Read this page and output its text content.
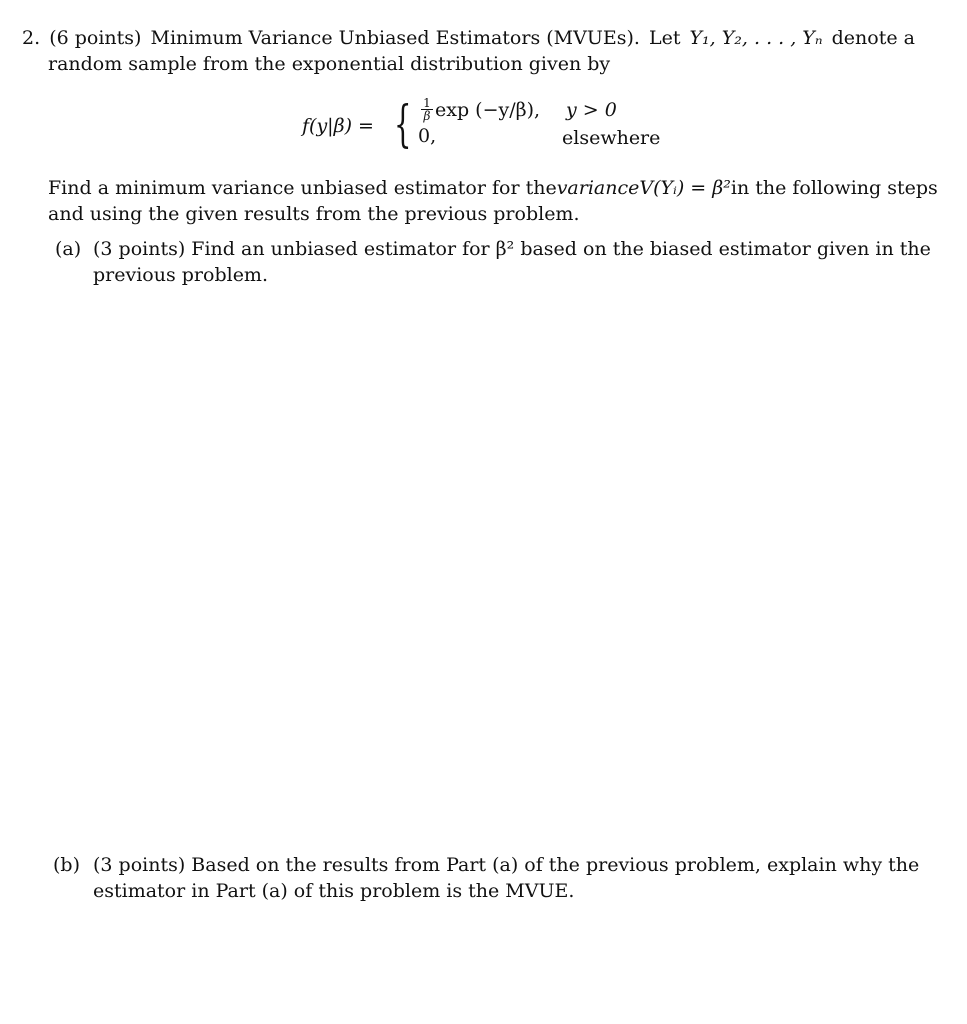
2. (6 points) Minimum Variance Unbiased Estimators (MVUEs). Let Y₁, Y₂, . . . , Yₙ denote a
random sample from the exponential distribution given by
f(y|β) = { $\frac{1}{\beta}$ exp (−y/β), y > 0
0,	elsewhere
Find a minimum variance unbiased estimator for the variance V(Yᵢ) = β² in the following steps
and using the given results from the previous problem.
(a) (3 points) Find an unbiased estimator for β² based on the biased estimator given in the
previous problem.
(b) (3 points) Based on the results from Part (a) of the previous problem, explain why the
estimator in Part (a) of this problem is the MVUE.
